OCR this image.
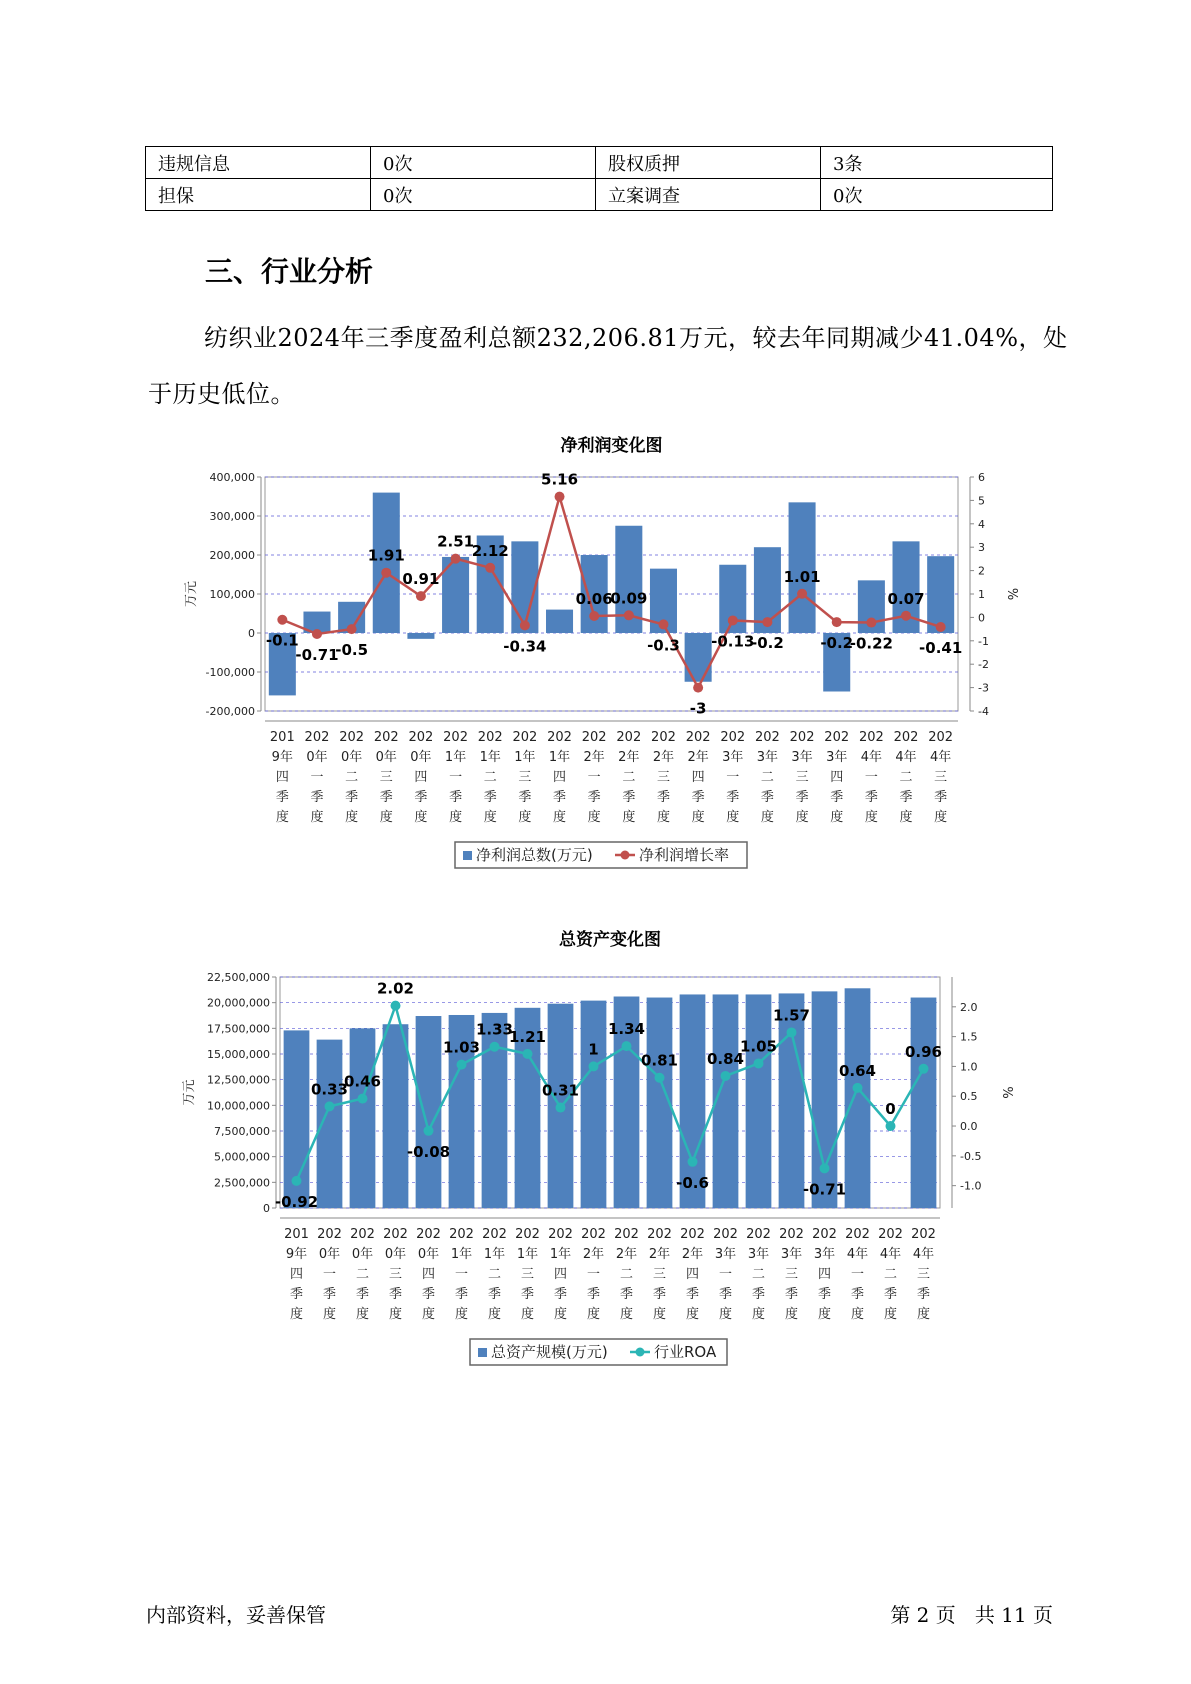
违规信息	0次	股权质押	3条
担保	0次	立案调查	0次
三、行业分析
纺织业2024年三季度盈利总额232,206.81万元，较去年同期减少41.04%，处于历史低位。
净利润变化图
-200,000
-100,000
0
100,000
200,000
300,000
400,000
-4
-3
-2
-1
0
1
2
3
4
5
6
万元	%
-0.1
-0.71
-0.5
1.91
0.91
2.51
2.12
-0.34
5.16
0.06
0.09
-0.3
-3
-0.13
-0.2
1.01
-0.2
-0.22
0.07
-0.41
201
9年
四
季
度
202
0年
一
季
度
202
0年
二
季
度
202
0年
三
季
度
202
0年
四
季
度
202
1年
一
季
度
202
1年
二
季
度
202
1年
三
季
度
202
1年
四
季
度
202
2年
一
季
度
202
2年
二
季
度
202
2年
三
季
度
202
2年
四
季
度
202
3年
一
季
度
202
3年
二
季
度
202
3年
三
季
度
202
3年
四
季
度
202
4年
一
季
度
202
4年
二
季
度
202
4年
三
季
度
净利润总数(万元)	净利润增长率
总资产变化图
0
2,500,000
5,000,000
7,500,000
10,000,000
12,500,000
15,000,000
17,500,000
20,000,000
22,500,000
-1.0
-0.5
0.0
0.5
1.0
1.5
2.0
万元	%
-0.92
0.33
0.46
2.02
-0.08
1.03
1.33
1.21
0.31
1
1.34
0.81
-0.6
0.84
1.05
1.57
-0.71
0.64
0
0.96
201
9年
四
季
度
202
0年
一
季
度
202
0年
二
季
度
202
0年
三
季
度
202
0年
四
季
度
202
1年
一
季
度
202
1年
二
季
度
202
1年
三
季
度
202
1年
四
季
度
202
2年
一
季
度
202
2年
二
季
度
202
2年
三
季
度
202
2年
四
季
度
202
3年
一
季
度
202
3年
二
季
度
202
3年
三
季
度
202
3年
四
季
度
202
4年
一
季
度
202
4年
二
季
度
202
4年
三
季
度
总资产规模(万元)	行业ROA
内部资料，妥善保管	第 2 页   共 11 页
